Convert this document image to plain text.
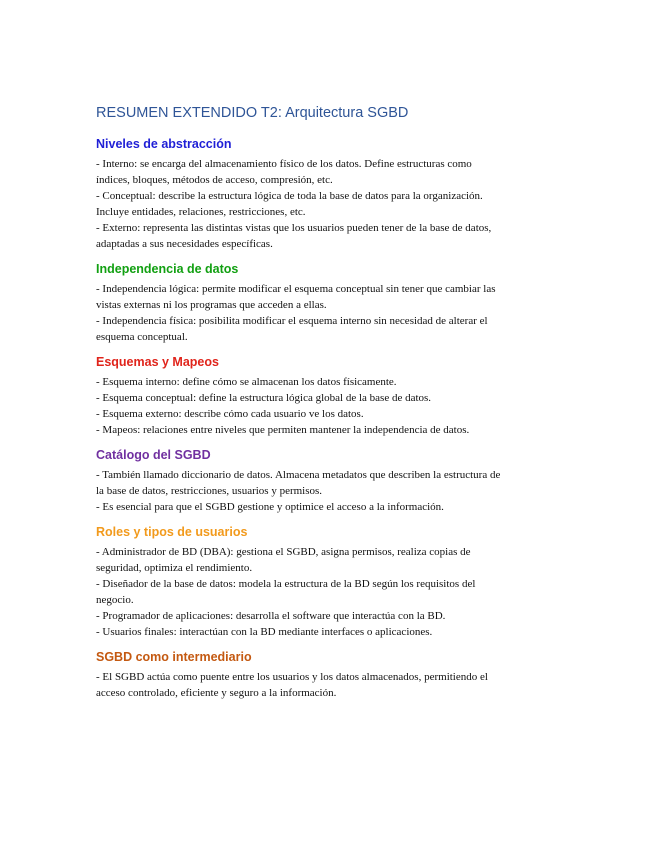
RESUMEN EXTENDIDO T2: Arquitectura SGBD
Niveles de abstracción

- Interno: se encarga del almacenamiento físico de los datos. Define estructuras como

índices, bloques, métodos de acceso, compresión, etc.

- Conceptual: describe la estructura lógica de toda la base de datos para la organización.

Incluye entidades, relaciones, restricciones, etc.

- Externo: representa las distintas vistas que los usuarios pueden tener de la base de datos,

adaptadas a sus necesidades específicas.

Independencia de datos

- Independencia lógica: permite modificar el esquema conceptual sin tener que cambiar las

vistas externas ni los programas que acceden a ellas.

- Independencia física: posibilita modificar el esquema interno sin necesidad de alterar el

esquema conceptual.

Esquemas y Mapeos

- Esquema interno: define cómo se almacenan los datos físicamente.

- Esquema conceptual: define la estructura lógica global de la base de datos.

- Esquema externo: describe cómo cada usuario ve los datos.

- Mapeos: relaciones entre niveles que permiten mantener la independencia de datos.

Catálogo del SGBD

- También llamado diccionario de datos. Almacena metadatos que describen la estructura de

la base de datos, restricciones, usuarios y permisos.

- Es esencial para que el SGBD gestione y optimice el acceso a la información.

Roles y tipos de usuarios

- Administrador de BD (DBA): gestiona el SGBD, asigna permisos, realiza copias de

seguridad, optimiza el rendimiento.

- Diseñador de la base de datos: modela la estructura de la BD según los requisitos del

negocio.

- Programador de aplicaciones: desarrolla el software que interactúa con la BD.

- Usuarios finales: interactúan con la BD mediante interfaces o aplicaciones.

SGBD como intermediario

- El SGBD actúa como puente entre los usuarios y los datos almacenados, permitiendo el

acceso controlado, eficiente y seguro a la información.
